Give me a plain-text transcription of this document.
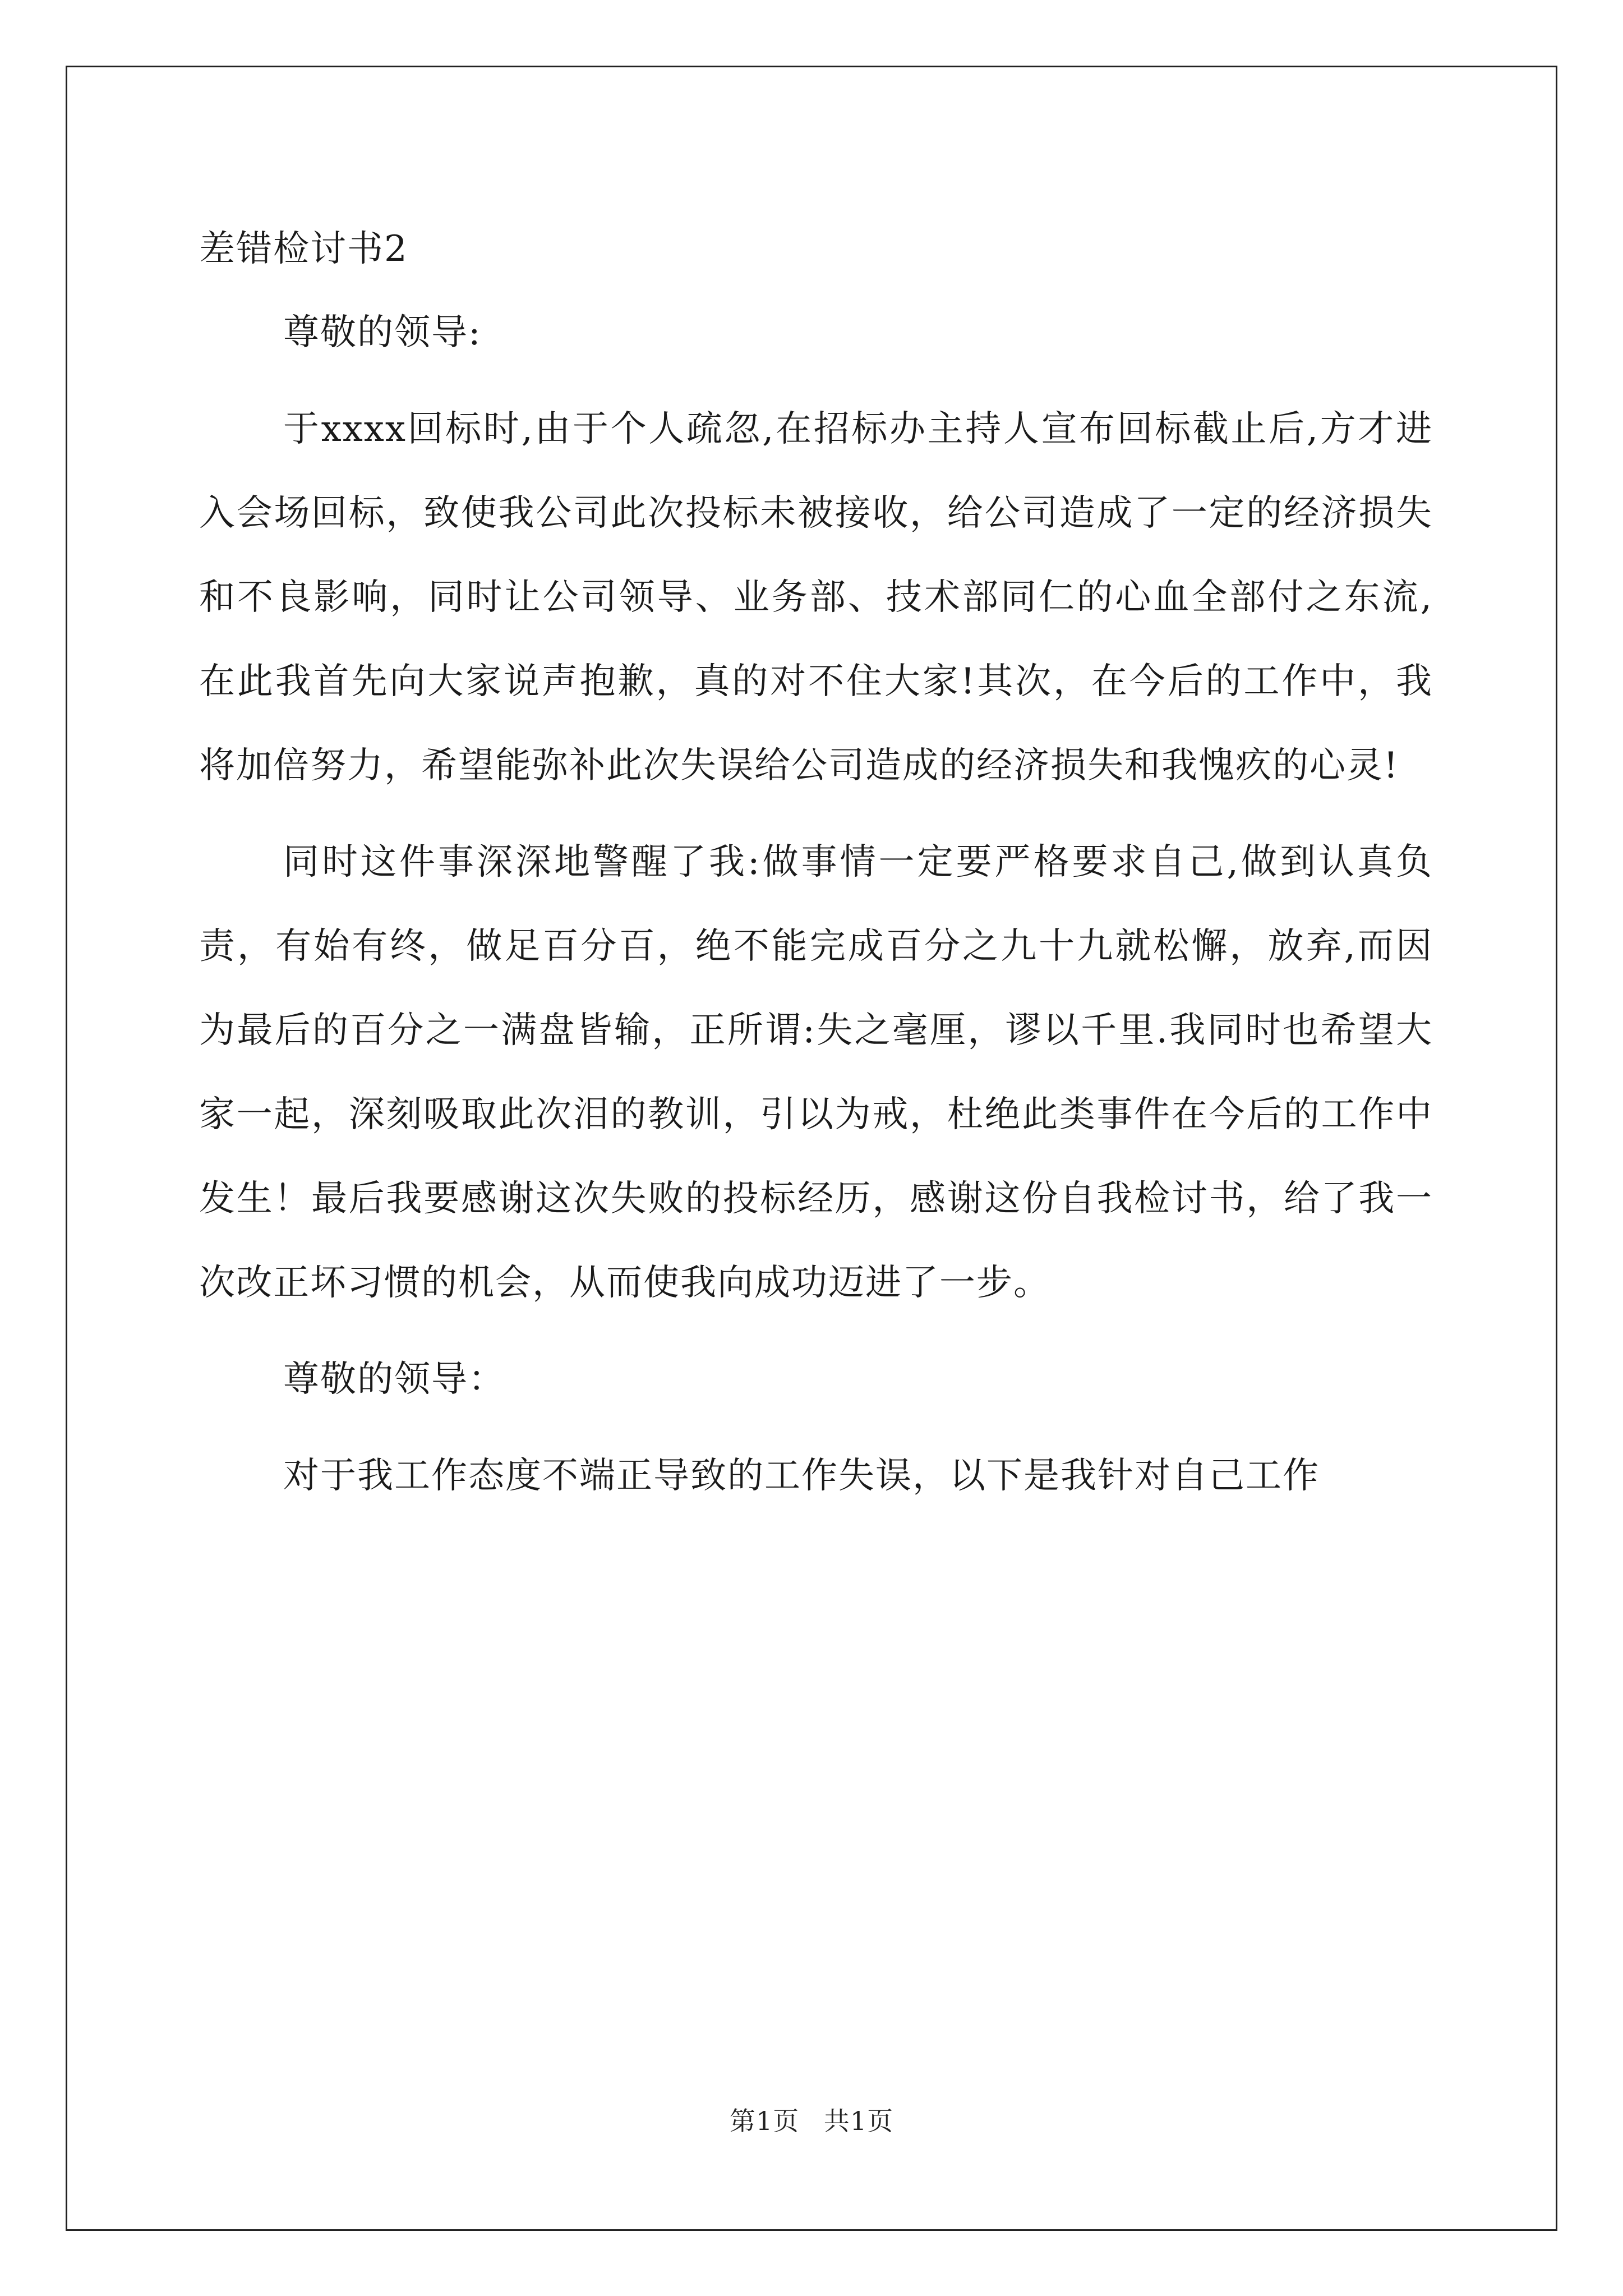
差错检讨书2

尊敬的领导:

于xxxx回标时,由于个人疏忽,在招标办主持人宣布回标截止后,方才进入会场回标，致使我公司此次投标未被接收，给公司造成了一定的经济损失和不良影响，同时让公司领导、业务部、技术部同仁的心血全部付之东流,在此我首先向大家说声抱歉，真的对不住大家!其次，在今后的工作中，我将加倍努力，希望能弥补此次失误给公司造成的经济损失和我愧疚的心灵!

同时这件事深深地警醒了我:做事情一定要严格要求自己,做到认真负责，有始有终，做足百分百，绝不能完成百分之九十九就松懈，放弃,而因为最后的百分之一满盘皆输，正所谓:失之毫厘，谬以千里.我同时也希望大家一起，深刻吸取此次泪的教训，引以为戒，杜绝此类事件在今后的工作中发生！最后我要感谢这次失败的投标经历，感谢这份自我检讨书，给了我一次改正坏习惯的机会，从而使我向成功迈进了一步。

尊敬的领导：

对于我工作态度不端正导致的工作失误，以下是我针对自己工作

第1页 共1页
